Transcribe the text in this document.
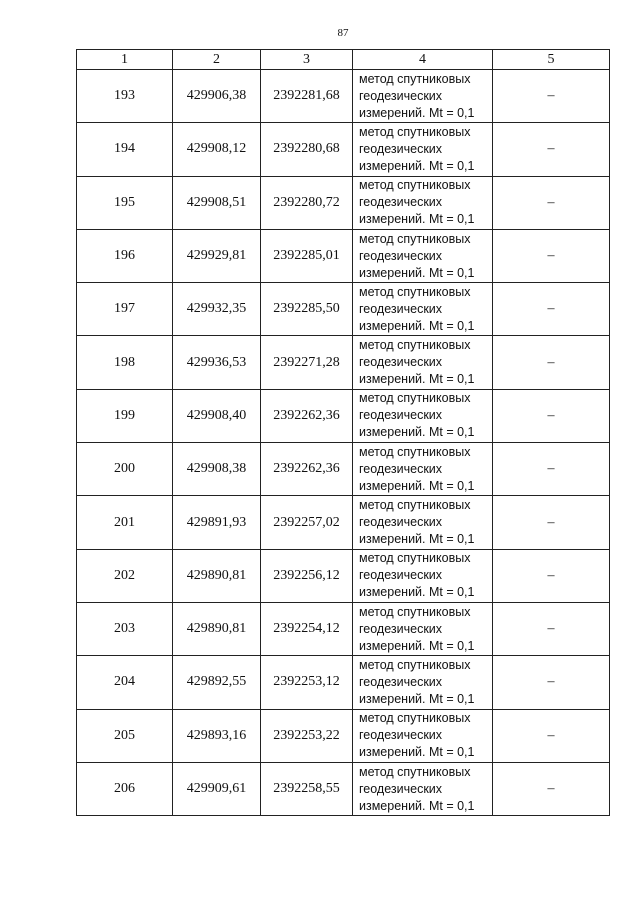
87
1	2	3	4	5
193	429906,38	2392281,68	метод спутниковых
геодезических
измерений. Mt = 0,1	–
194	429908,12	2392280,68	метод спутниковых
геодезических
измерений. Mt = 0,1	–
195	429908,51	2392280,72	метод спутниковых
геодезических
измерений. Mt = 0,1	–
196	429929,81	2392285,01	метод спутниковых
геодезических
измерений. Mt = 0,1	–
197	429932,35	2392285,50	метод спутниковых
геодезических
измерений. Mt = 0,1	–
198	429936,53	2392271,28	метод спутниковых
геодезических
измерений. Mt = 0,1	–
199	429908,40	2392262,36	метод спутниковых
геодезических
измерений. Mt = 0,1	–
200	429908,38	2392262,36	метод спутниковых
геодезических
измерений. Mt = 0,1	–
201	429891,93	2392257,02	метод спутниковых
геодезических
измерений. Mt = 0,1	–
202	429890,81	2392256,12	метод спутниковых
геодезических
измерений. Mt = 0,1	–
203	429890,81	2392254,12	метод спутниковых
геодезических
измерений. Mt = 0,1	–
204	429892,55	2392253,12	метод спутниковых
геодезических
измерений. Mt = 0,1	–
205	429893,16	2392253,22	метод спутниковых
геодезических
измерений. Mt = 0,1	–
206	429909,61	2392258,55	метод спутниковых
геодезических
измерений. Mt = 0,1	–
